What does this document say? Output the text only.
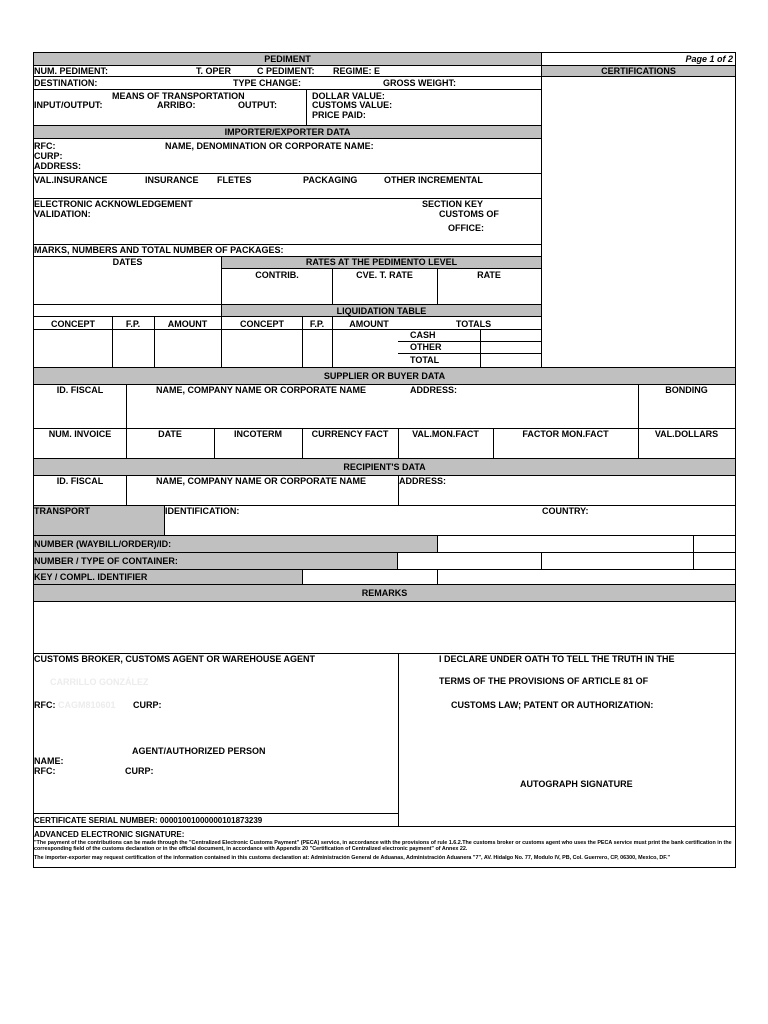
PEDIMENT	Page 1 of 2
CERTIFICATIONS
NUM. PEDIMENT:	T. OPER	C PEDIMENT: REGIME: E
DESTINATION:	TYPE CHANGE:	GROSS WEIGHT:
MEANS OF TRANSPORTATION	DOLLAR VALUE:
INPUT/OUTPUT:	ARRIBO:	OUTPUT:	CUSTOMS VALUE:
PRICE PAID:
IMPORTER/EXPORTER DATA
RFC:	NAME, DENOMINATION OR CORPORATE NAME:
CURP:
ADDRESS:
VAL.INSURANCE	INSURANCE FLETES	PACKAGING	OTHER INCREMENTAL
ELECTRONIC ACKNOWLEDGEMENT	SECTION KEY
VALIDATION:	CUSTOMS OF
OFFICE:
MARKS, NUMBERS AND TOTAL NUMBER OF PACKAGES:
DATES	RATES AT THE PEDIMENTO LEVEL
CONTRIB.	CVE. T. RATE	RATE
LIQUIDATION TABLE
CONCEPT	F.P.	AMOUNT	CONCEPT	F.P.	AMOUNT	TOTALS
CASH
OTHER
TOTAL
SUPPLIER OR BUYER DATA
ID. FISCAL	NAME, COMPANY NAME OR CORPORATE NAME	ADDRESS:	BONDING
NUM. INVOICE	DATE	INCOTERM	CURRENCY FACT	VAL.MON.FACT	FACTOR MON.FACT	VAL.DOLLARS
RECIPIENT'S DATA
ID. FISCAL	NAME, COMPANY NAME OR CORPORATE NAME	ADDRESS:
TRANSPORT	IDENTIFICATION:	COUNTRY:
NUMBER (WAYBILL/ORDER)/ID:
NUMBER / TYPE OF CONTAINER:
KEY / COMPL. IDENTIFIER
REMARKS
CUSTOMS BROKER, CUSTOMS AGENT OR WAREHOUSE AGENT
CARRILLO GONZÁLEZ
RFC: CAGM810601 CURP:
AGENT/AUTHORIZED PERSON
NAME:
RFC:	CURP:
CERTIFICATE SERIAL NUMBER: 00001001000000101873239
I DECLARE UNDER OATH TO TELL THE TRUTH IN THE
TERMS OF THE PROVISIONS OF ARTICLE 81 OF
CUSTOMS LAW; PATENT OR AUTHORIZATION:
AUTOGRAPH SIGNATURE
ADVANCED ELECTRONIC SIGNATURE:
"The payment of the contributions can be made through the "Centralized Electronic Customs Payment" (PECA) service, in accordance with the provisions of rule 1.6.2.The customs broker or customs agent who uses the PECA service must print the bank certification in the corresponding field of the customs declaration or in the official document, in accordance with Appendix 20 "Certification of Centralized electronic payment" of Annex 22.
The importer-exporter may request certification of the information contained in this customs declaration at: Administración General de Aduanas, Administración Aduanera "7", AV. Hidalgo No. 77, Modulo IV, PB, Col. Guerrero, CP, 06300, Mexico, DF."
